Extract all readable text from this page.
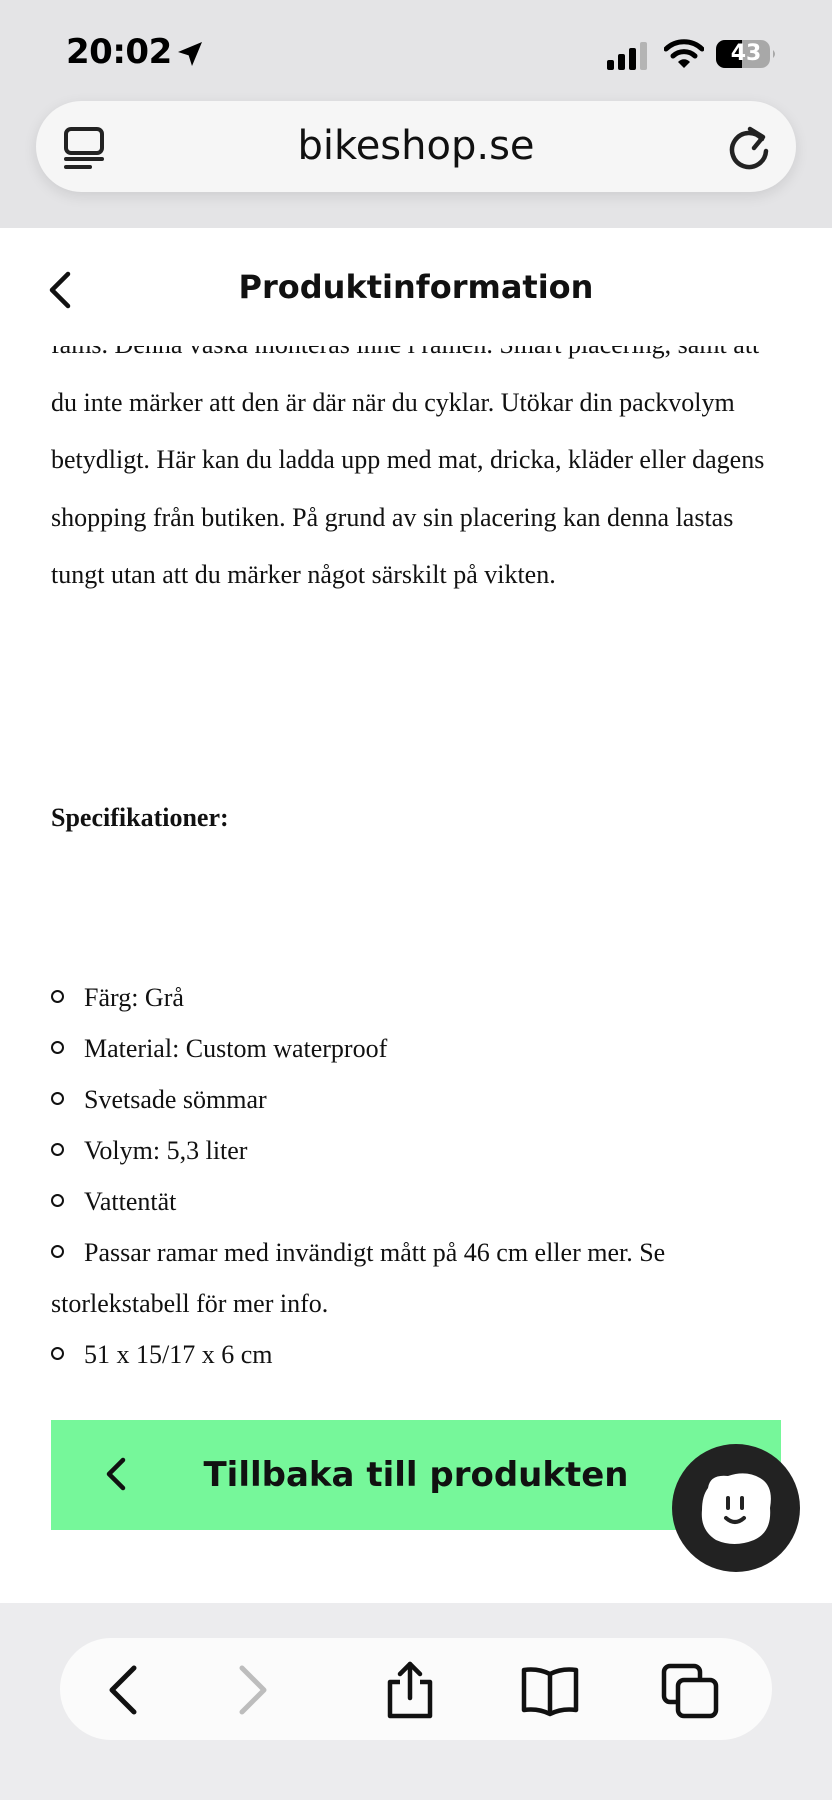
20:02	43
bikeshop.se
Produktinformation

du inte märker att den är där när du cyklar. Utökar din packvolym betydligt. Här kan du ladda upp med mat, dricka, kläder eller dagens shopping från butiken. På grund av sin placering kan denna lastas tungt utan att du märker något särskilt på vikten.

Specifikationer:

Färg: Grå
Material: Custom waterproof
Svetsade sömmar
Volym: 5,3 liter
Vattentät
Passar ramar med invändigt mått på 46 cm eller mer. Se storlekstabell för mer info.
51 x 15/17 x 6 cm
Tillbaka till produkten
